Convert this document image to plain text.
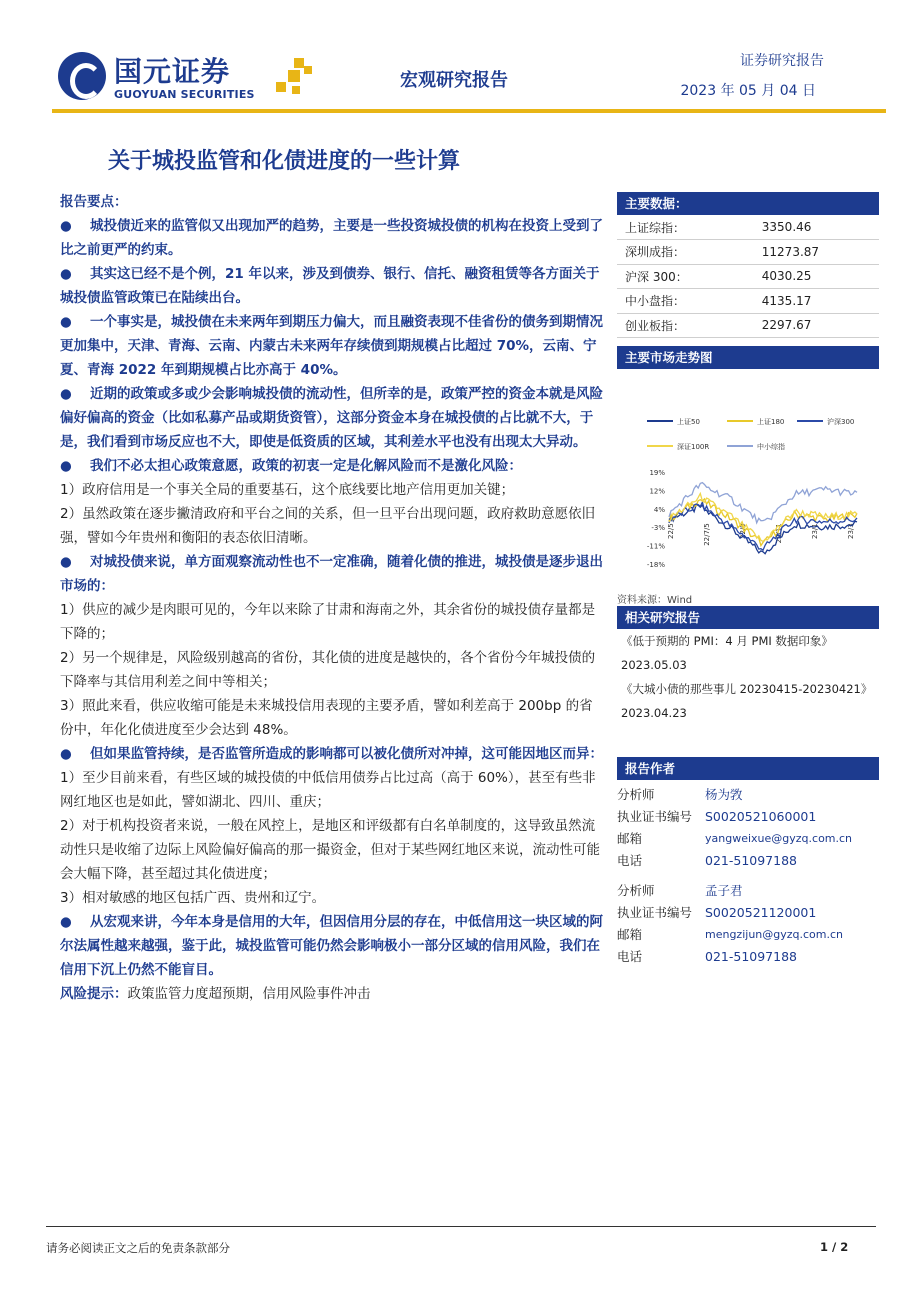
国元证券
GUOYUAN SECURITIES
宏观研究报告
证券研究报告
2023 年 05 月 04 日
关于城投监管和化债进度的一些计算

报告要点：

● 城投债近来的监管似又出现加严的趋势，主要是一些投资城投债的机构在投资上受到了比之前更严的约束。

● 其实这已经不是个例，21 年以来，涉及到债券、银行、信托、融资租赁等各方面关于城投债监管政策已在陆续出台。

● 一个事实是，城投债在未来两年到期压力偏大，而且融资表现不佳省份的债务到期情况更加集中，天津、青海、云南、内蒙古未来两年存续债到期规模占比超过 70%，云南、宁夏、青海 2022 年到期规模占比亦高于 40%。

● 近期的政策或多或少会影响城投债的流动性，但所幸的是，政策严控的资金本就是风险偏好偏高的资金（比如私募产品或期货资管），这部分资金本身在城投债的占比就不大，于是，我们看到市场反应也不大，即使是低资质的区域，其利差水平也没有出现太大异动。

● 我们不必太担心政策意愿，政策的初衷一定是化解风险而不是激化风险：

1）政府信用是一个事关全局的重要基石，这个底线要比地产信用更加关键；

2）虽然政策在逐步撇清政府和平台之间的关系，但一旦平台出现问题，政府救助意愿依旧强，譬如今年贵州和衡阳的表态依旧清晰。

● 对城投债来说，单方面观察流动性也不一定准确，随着化债的推进，城投债是逐步退出市场的：

1）供应的减少是肉眼可见的，今年以来除了甘肃和海南之外，其余省份的城投债存量都是下降的；

2）另一个规律是，风险级别越高的省份，其化债的进度是越快的，各个省份今年城投债的下降率与其信用利差之间中等相关；

3）照此来看，供应收缩可能是未来城投信用表现的主要矛盾，譬如利差高于 200bp 的省份中，年化化债进度至少会达到 48%。

● 但如果监管持续，是否监管所造成的影响都可以被化债所对冲掉，这可能因地区而异：

1）至少目前来看，有些区域的城投债的中低信用债券占比过高（高于 60%），甚至有些非网红地区也是如此，譬如湖北、四川、重庆；

2）对于机构投资者来说，一般在风控上，是地区和评级都有白名单制度的，这导致虽然流动性只是收缩了边际上风险偏好偏高的那一撮资金，但对于某些网红地区来说，流动性可能会大幅下降，甚至超过其化债进度；

3）相对敏感的地区包括广西、贵州和辽宁。

● 从宏观来讲，今年本身是信用的大年，但因信用分层的存在，中低信用这一块区域的阿尔法属性越来越强，鉴于此，城投监管可能仍然会影响极小一部分区域的信用风险，我们在信用下沉上仍然不能盲目。

风险提示：政策监管力度超预期，信用风险事件冲击

主要数据：
上证综指：	3350.46
深圳成指：	11273.87
沪深 300：	4030.25
中小盘指：	4135.17
创业板指：	2297.67
主要市场走势图
上证50	上证180	沪深300
深证100R	中小综指
19%
12%
4%
-3%
-11%
-18%
22/5	22/7/5	22/9	22/11	23/1	23/3
资料来源：Wind
相关研究报告
《低于预期的 PMI：4 月 PMI 数据印象》
2023.05.03
《大城小债的那些事儿 20230415-20230421》
2023.04.23
报告作者
分析师	杨为敩
执业证书编号	S0020521060001
邮箱	yangweixue@gyzq.com.cn
电话	021-51097188
分析师	孟子君
执业证书编号	S0020521120001
邮箱	mengzijun@gyzq.com.cn
电话	021-51097188
请务必阅读正文之后的免责条款部分	1 / 2
